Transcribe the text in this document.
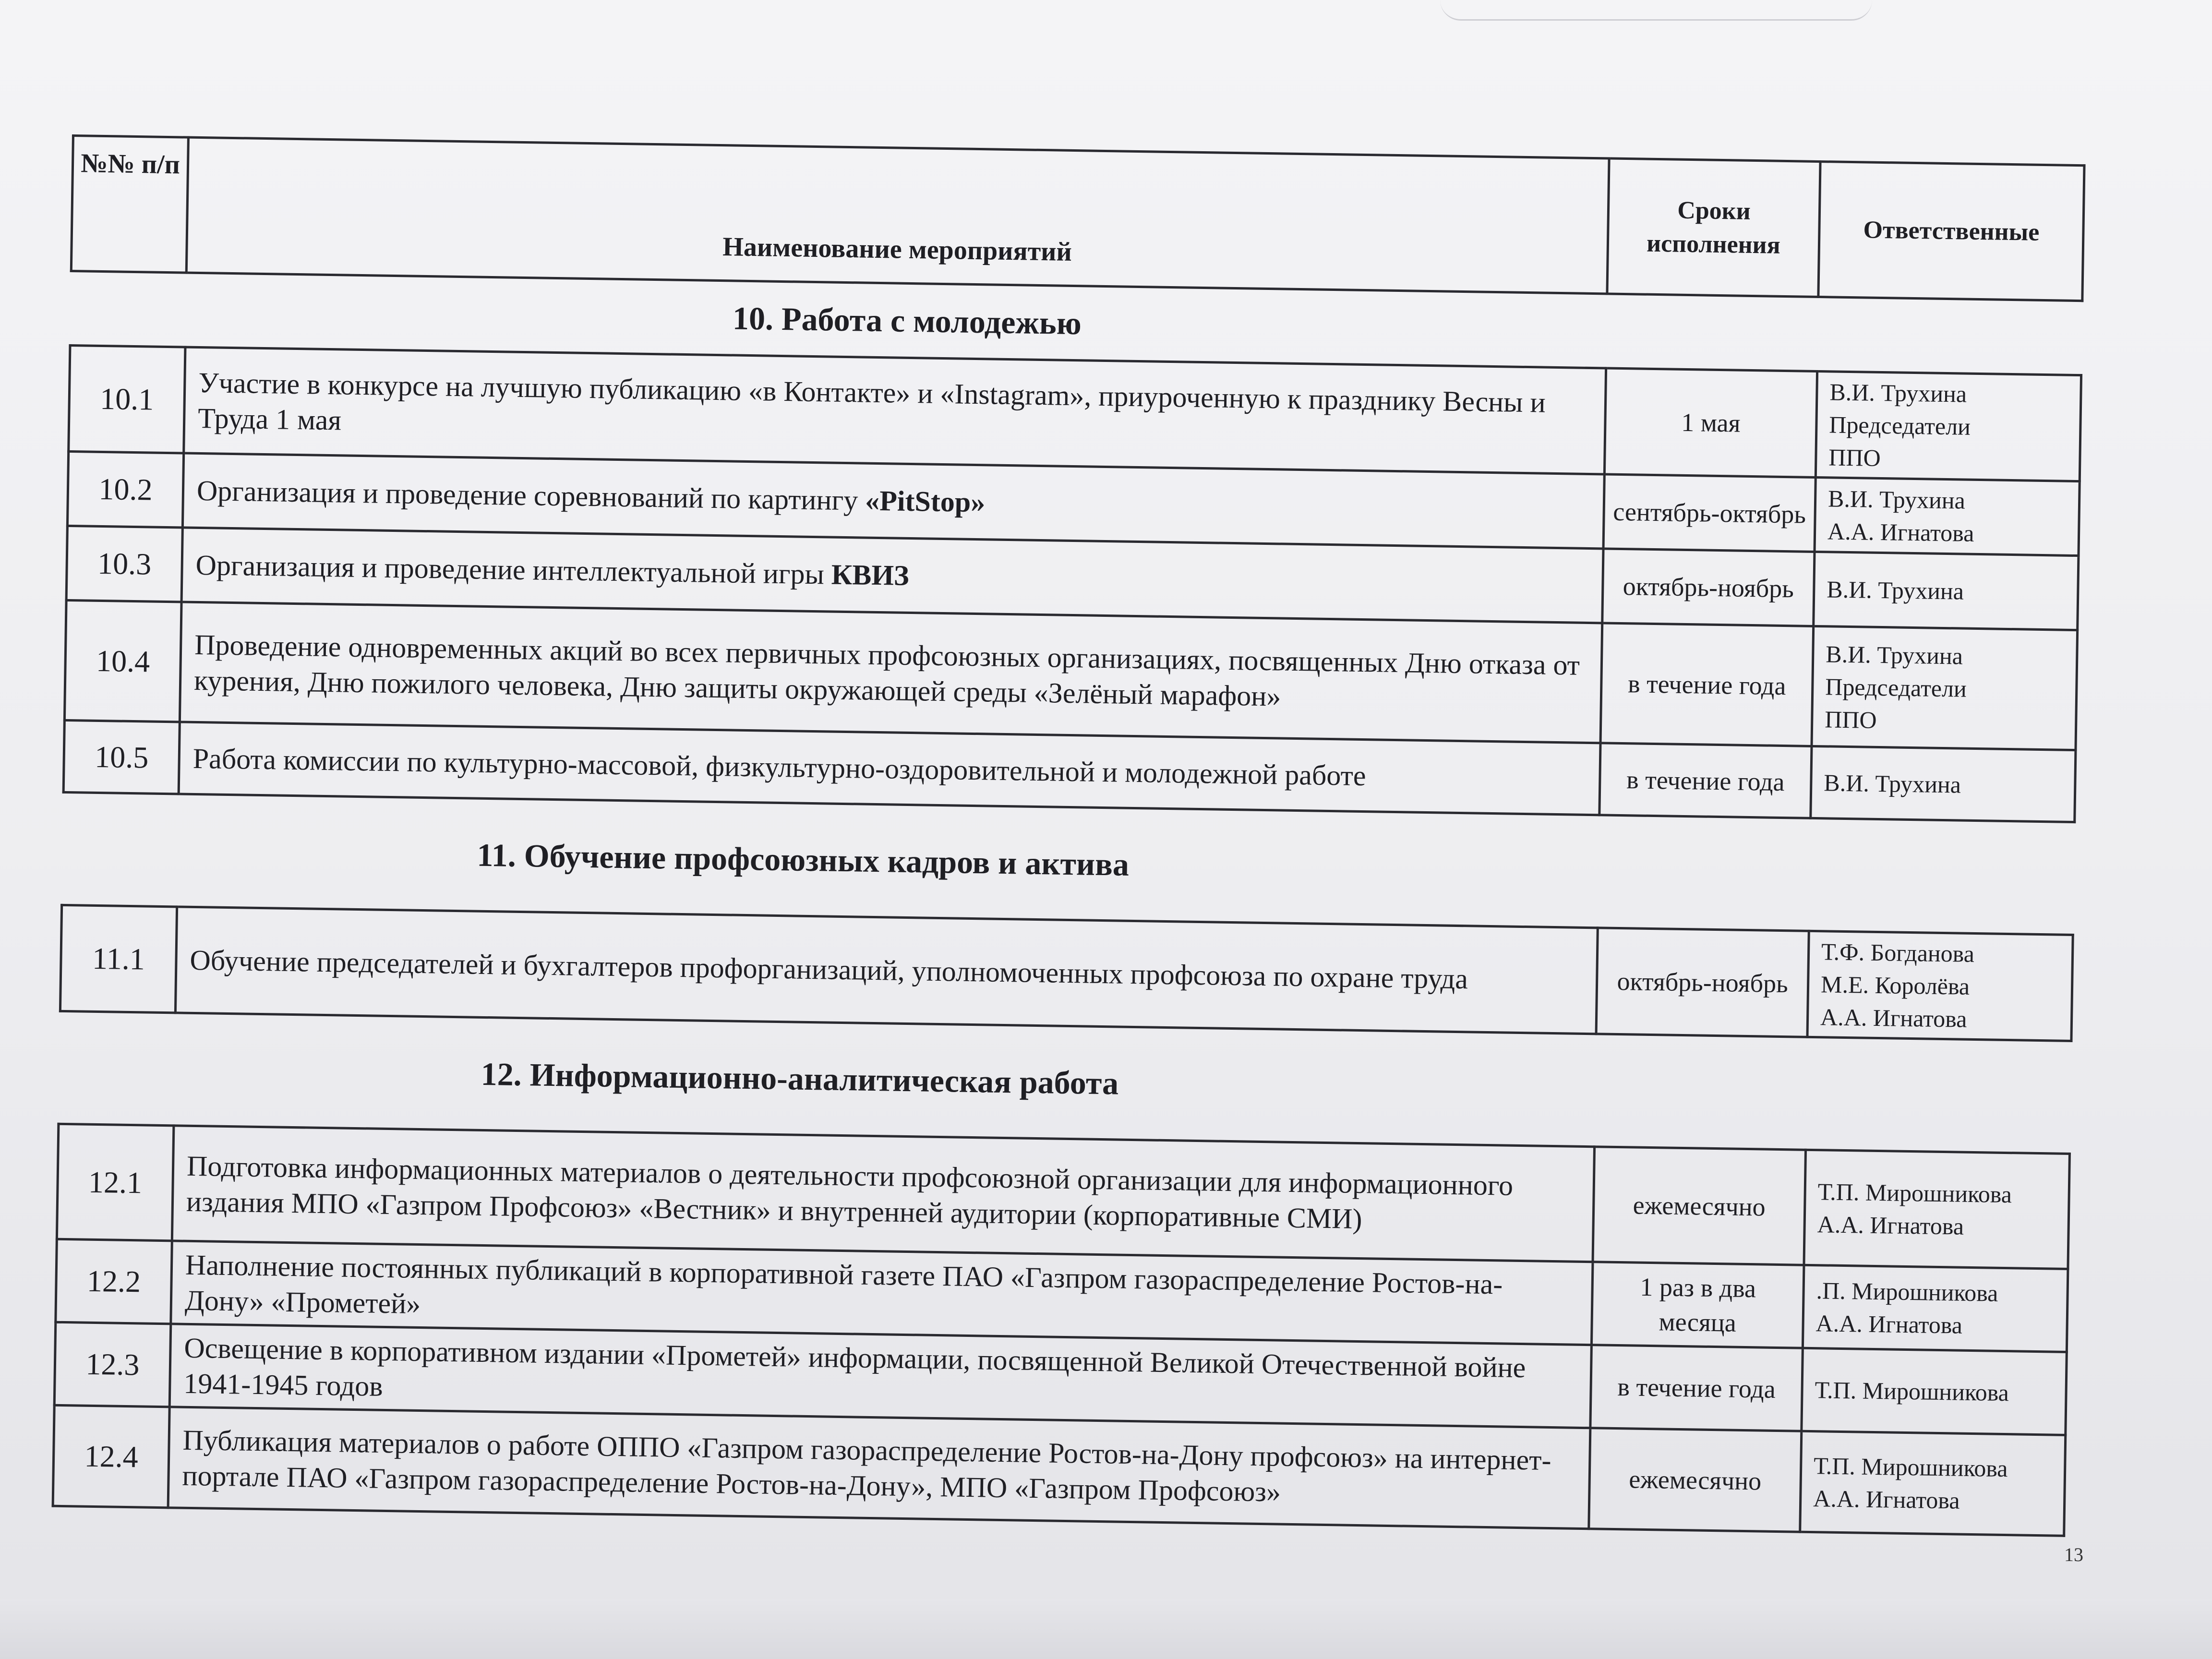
№№ п/п	Наименование мероприятий	Сроки исполнения	Ответственные
10. Работа с молодежью
10.1	Участие в конкурсе на лучшую публикацию «в Контакте» и «Instagram», приуроченную к празднику Весны и Труда 1 мая	1 мая	В.И. Трухина
Председатели
ППО

10.2	Организация и проведение соревнований по картингу «PitStop»	сентябрь-октябрь	В.И. Трухина
А.А. Игнатова

10.3	Организация и проведение интеллектуальной игры КВИЗ	октябрь-ноябрь	В.И. Трухина

10.4	Проведение одновременных акций во всех первичных профсоюзных организациях, посвященных Дню отказа от курения, Дню пожилого человека, Дню защиты окружающей среды «Зелёный марафон»	в течение года	В.И. Трухина
Председатели
ППО

10.5	Работа комиссии по культурно-массовой, физкультурно-оздоровительной и молодежной работе	в течение года	В.И. Трухина
11. Обучение профсоюзных кадров и актива
11.1	Обучение председателей и бухгалтеров профорганизаций, уполномоченных профсоюза по охране труда	октябрь-ноябрь	
Т.Ф. Богданова
М.Е. Королёва
А.А. Игнатова
12. Информационно-аналитическая работа
12.1	Подготовка информационных материалов о деятельности профсоюзной организации для информационного издания МПО «Газпром Профсоюз» «Вестник» и внутренней аудитории (корпоративные СМИ)	ежемесячно	Т.П. Мирошникова
А.А. Игнатова

12.2	Наполнение постоянных публикаций в корпоративной газете ПАО «Газпром газораспределение Ростов-на-Дону» «Прометей»	1 раз в два месяца	.П. Мирошникова
А.А. Игнатова

12.3	Освещение в корпоративном издании «Прометей» информации, посвященной Великой Отечественной войне 1941-1945 годов	в течение года	Т.П. Мирошникова

12.4	Публикация материалов о работе ОППО «Газпром газораспределение Ростов-на-Дону профсоюз» на интернет-портале ПАО «Газпром газораспределение Ростов-на-Дону», МПО «Газпром Профсоюз»	ежемесячно	Т.П. Мирошникова
А.А. Игнатова
13
